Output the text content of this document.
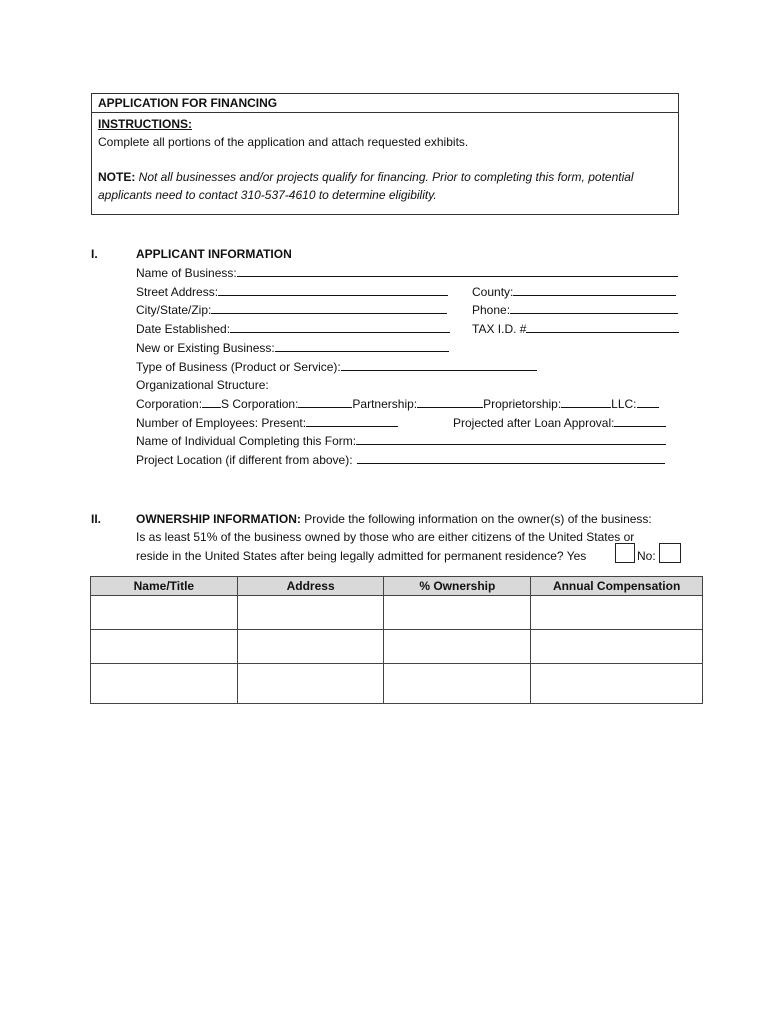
APPLICATION FOR FINANCING
INSTRUCTIONS:
Complete all portions of the application and attach requested exhibits.
NOTE: Not all businesses and/or projects qualify for financing. Prior to completing this form, potential
applicants need to contact 310-537-4610 to determine eligibility.
I.	APPLICANT INFORMATION
Name of Business:
Street Address:	County:
City/State/Zip:	Phone:
Date Established:	TAX I.D. #
New or Existing Business:
Type of Business (Product or Service):
Organizational Structure:
Corporation: S Corporation:	Partnership:	Proprietorship:	LLC:
Number of Employees: Present:	Projected after Loan Approval:
Name of Individual Completing this Form:
Project Location (if different from above):
II.	OWNERSHIP INFORMATION: Provide the following information on the owner(s) of the business:
Is as least 51% of the business owned by those who are either citizens of the United States or
reside in the United States after being legally admitted for permanent residence? Yes	No:
Name/Title	Address	% Ownership	Annual Compensation
